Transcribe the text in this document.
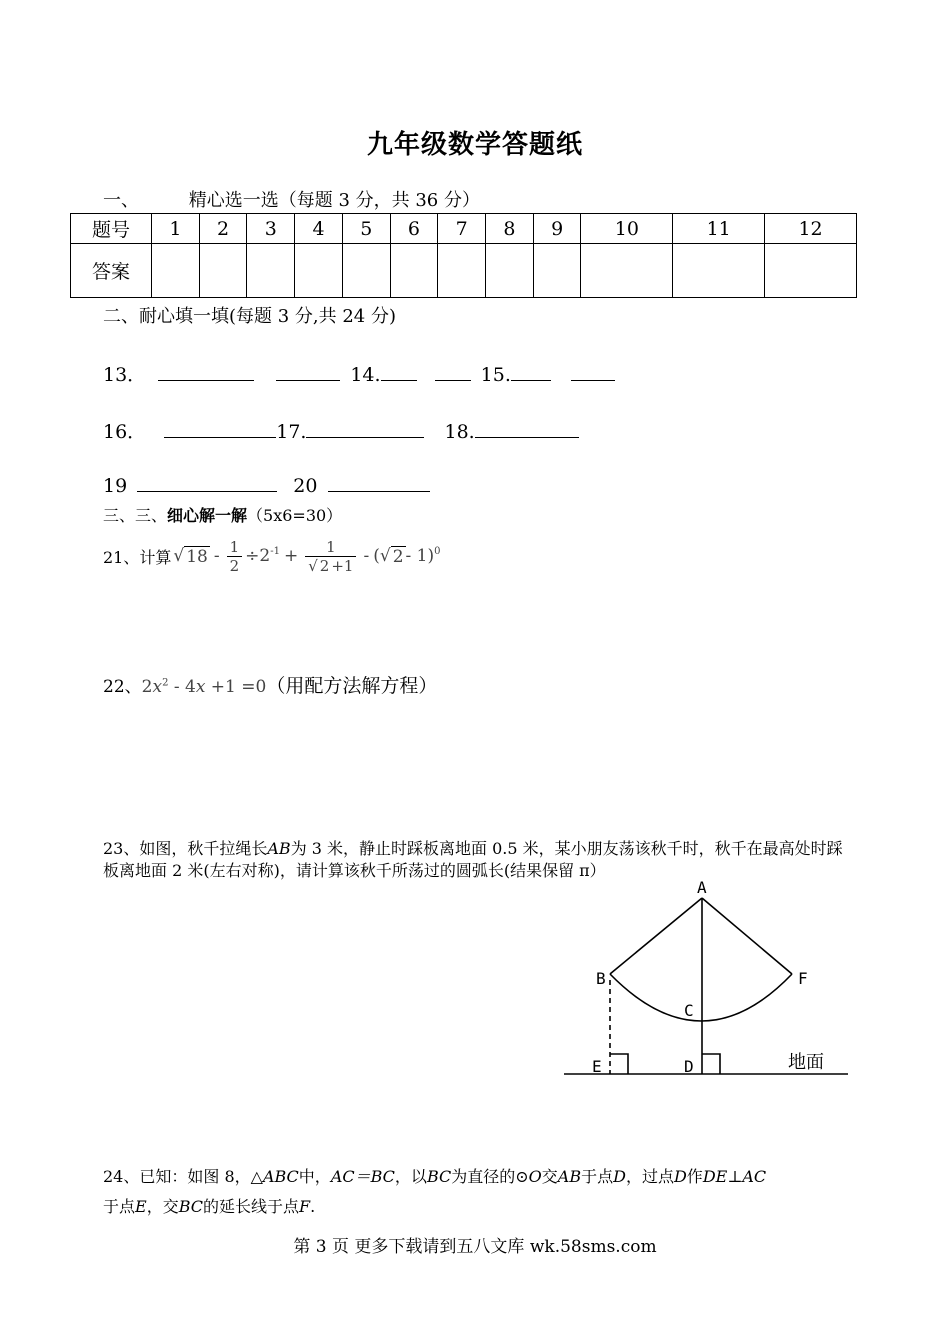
九年级数学答题纸
一、	精心选一选（每题 3 分，共 36 分）
题号	1	2	3	4	5	6	7	8	9	10	11	12
答案												
二、耐心填一填(每题 3 分,共 24 分)
13．	14.	15.
16．	17.	18.
19	20
三、三、细心解一解（5x6=30）
21、计算 √ $18 - \frac{1}{2} \div 2^{-1} + \frac{1}{√ 2 +1}$ - ( √ 2 - 1)$^0$
22、$2x^2 - 4x +1 =0$（用配方法解方程）
23、如图，秋千拉绳长AB为 3 米，静止时踩板离地面 0.5 米，某小朋友荡该秋千时，秋千在最高处时踩板离地面 2 米(左右对称)，请计算该秋千所荡过的圆弧长(结果保留 π）
A
B
C
D
E
F
地面
24、已知：如图 8，△ABC中，AC＝BC，以BC为直径的⊙O交AB于点D，过点D作DE⊥AC
于点E，交BC的延长线于点F.
第 3 页 更多下载请到五八文库 wk.58sms.com
